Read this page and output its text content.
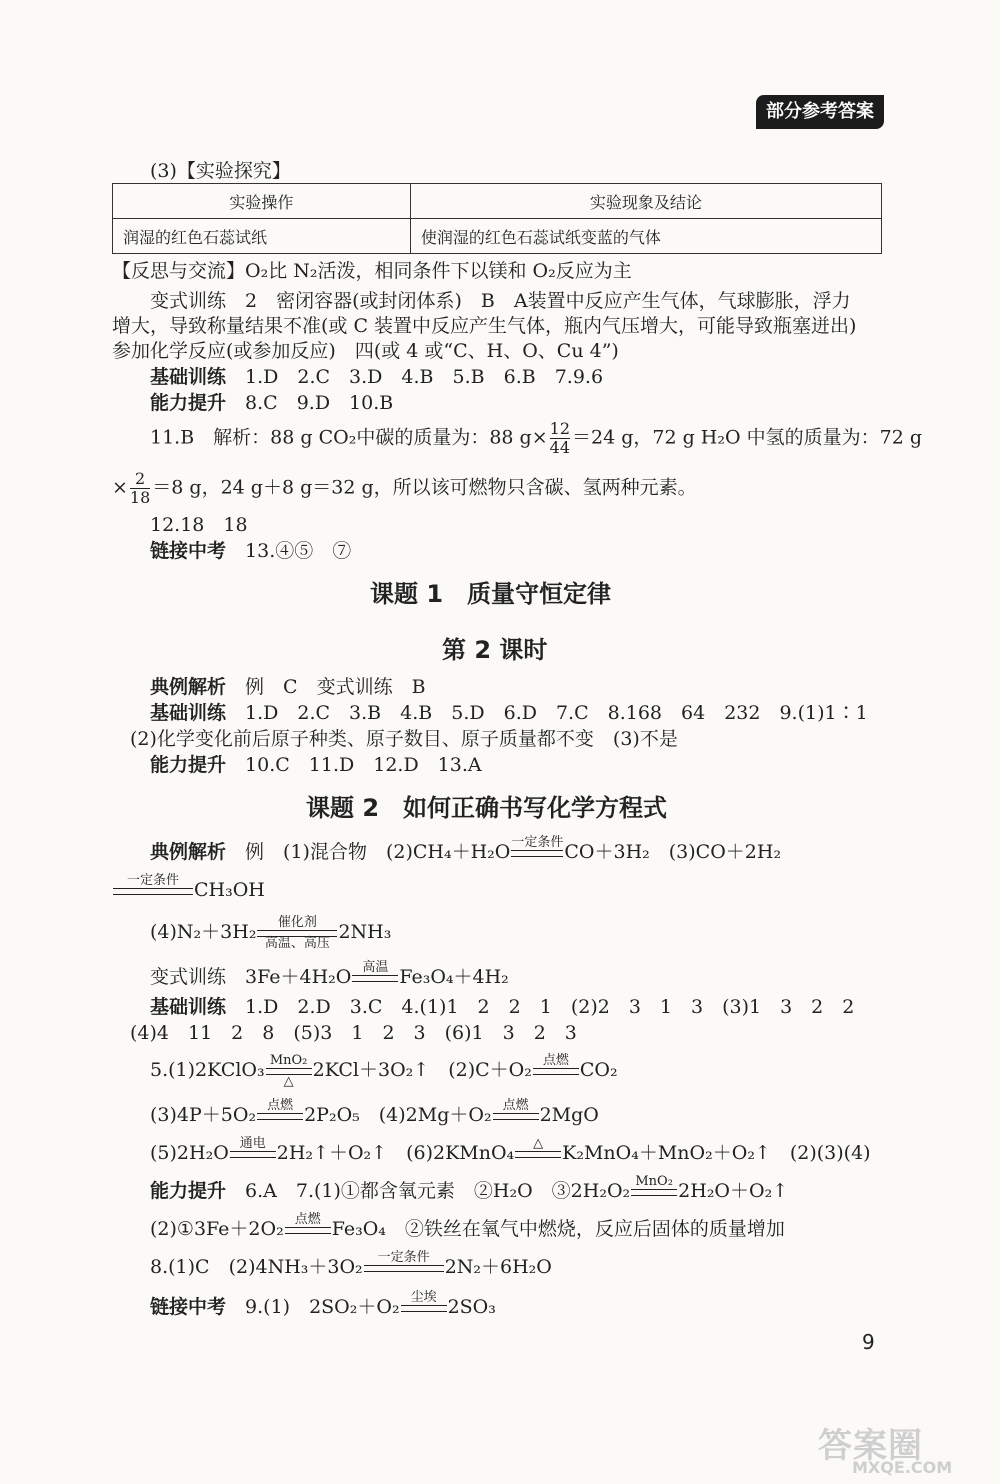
部分参考答案
(3)【实验探究】
实验操作	实验现象及结论
润湿的红色石蕊试纸	使润湿的红色石蕊试纸变蓝的气体
【反思与交流】O₂比 N₂活泼，相同条件下以镁和 O₂反应为主
变式训练　2　密闭容器(或封闭体系)　B　A装置中反应产生气体，气球膨胀，浮力
增大，导致称量结果不准(或 C 装置中反应产生气体，瓶内气压增大，可能导致瓶塞迸出)
参加化学反应(或参加反应)　四(或 4 或“C、H、O、Cu 4”)
基础训练　 1.D　2.C　3.D　4.B　5.B　6.B　7.9.6
能力提升　 8.C　9.D　10.B
11.B　解析：88 g CO₂中碳的质量为：88 $g\times \frac{12}{44} =24$ g，72 g H₂O 中氢的质量为：72 g
× $\frac{2}{18} =8$ g，24 g＋8 g＝32 g，所以该可燃物只含碳、氢两种元素。
12.18　18
链接中考　 13.④⑤　⑦
课题 1　质量守恒定律
第 2 课时
典例解析　 例　C　变式训练　B
基础训练　 1.D　2.C　3.B　4.B　5.D　6.D　7.C　8.168　64　232　9.(1)1∶1
(2)化学变化前后原子种类、原子数目、原子质量都不变　(3)不是
能力提升　 10.C　11.D　12.D　13.A
课题 2　如何正确书写化学方程式
典例解析　 例　(1)混合物　(2)CH₄＋H₂O 一定条件 CO＋3H₂　(3)CO＋2H₂
一定条件 CH₃OH
(4)N₂＋3H₂	催化剂
高温、高压 2NH₃
变式训练　3Fe＋4H₂O 高温 Fe₃O₄＋4H₂
基础训练　 1.D　2.D　3.C　4.(1)1　2　2　1　(2)2　3　1　3　(3)1　3　2　2
(4)4　11　2　8　(5)3　1　2　3　(6)1　3　2　3
5.(1)2KClO₃ MnO₂
△	2KCl＋3O₂↑　(2)C＋O₂ 点燃 CO₂
(3)4P＋5O₂ 点燃 2P₂O₅　(4)2Mg＋O₂ 点燃 2MgO
(5)2H₂O 通电 2H₂↑＋O₂↑　(6)2KMnO₄	△	K₂MnO₄＋MnO₂＋O₂↑　(2)(3)(4)
能力提升　 6.A　7.(1)①都含氧元素　②H₂O　③2H₂O₂ MnO₂ 2H₂O＋O₂↑
(2)①3Fe＋2O₂ 点燃 Fe₃O₄　②铁丝在氧气中燃烧，反应后固体的质量增加
8.(1)C　(2)4NH₃＋3O₂	一定条件 2N₂＋6H₂O
链接中考　 9.(1)　2SO₂＋O₂ 尘埃 2SO₃
9
答案圈
MXQE.COM
